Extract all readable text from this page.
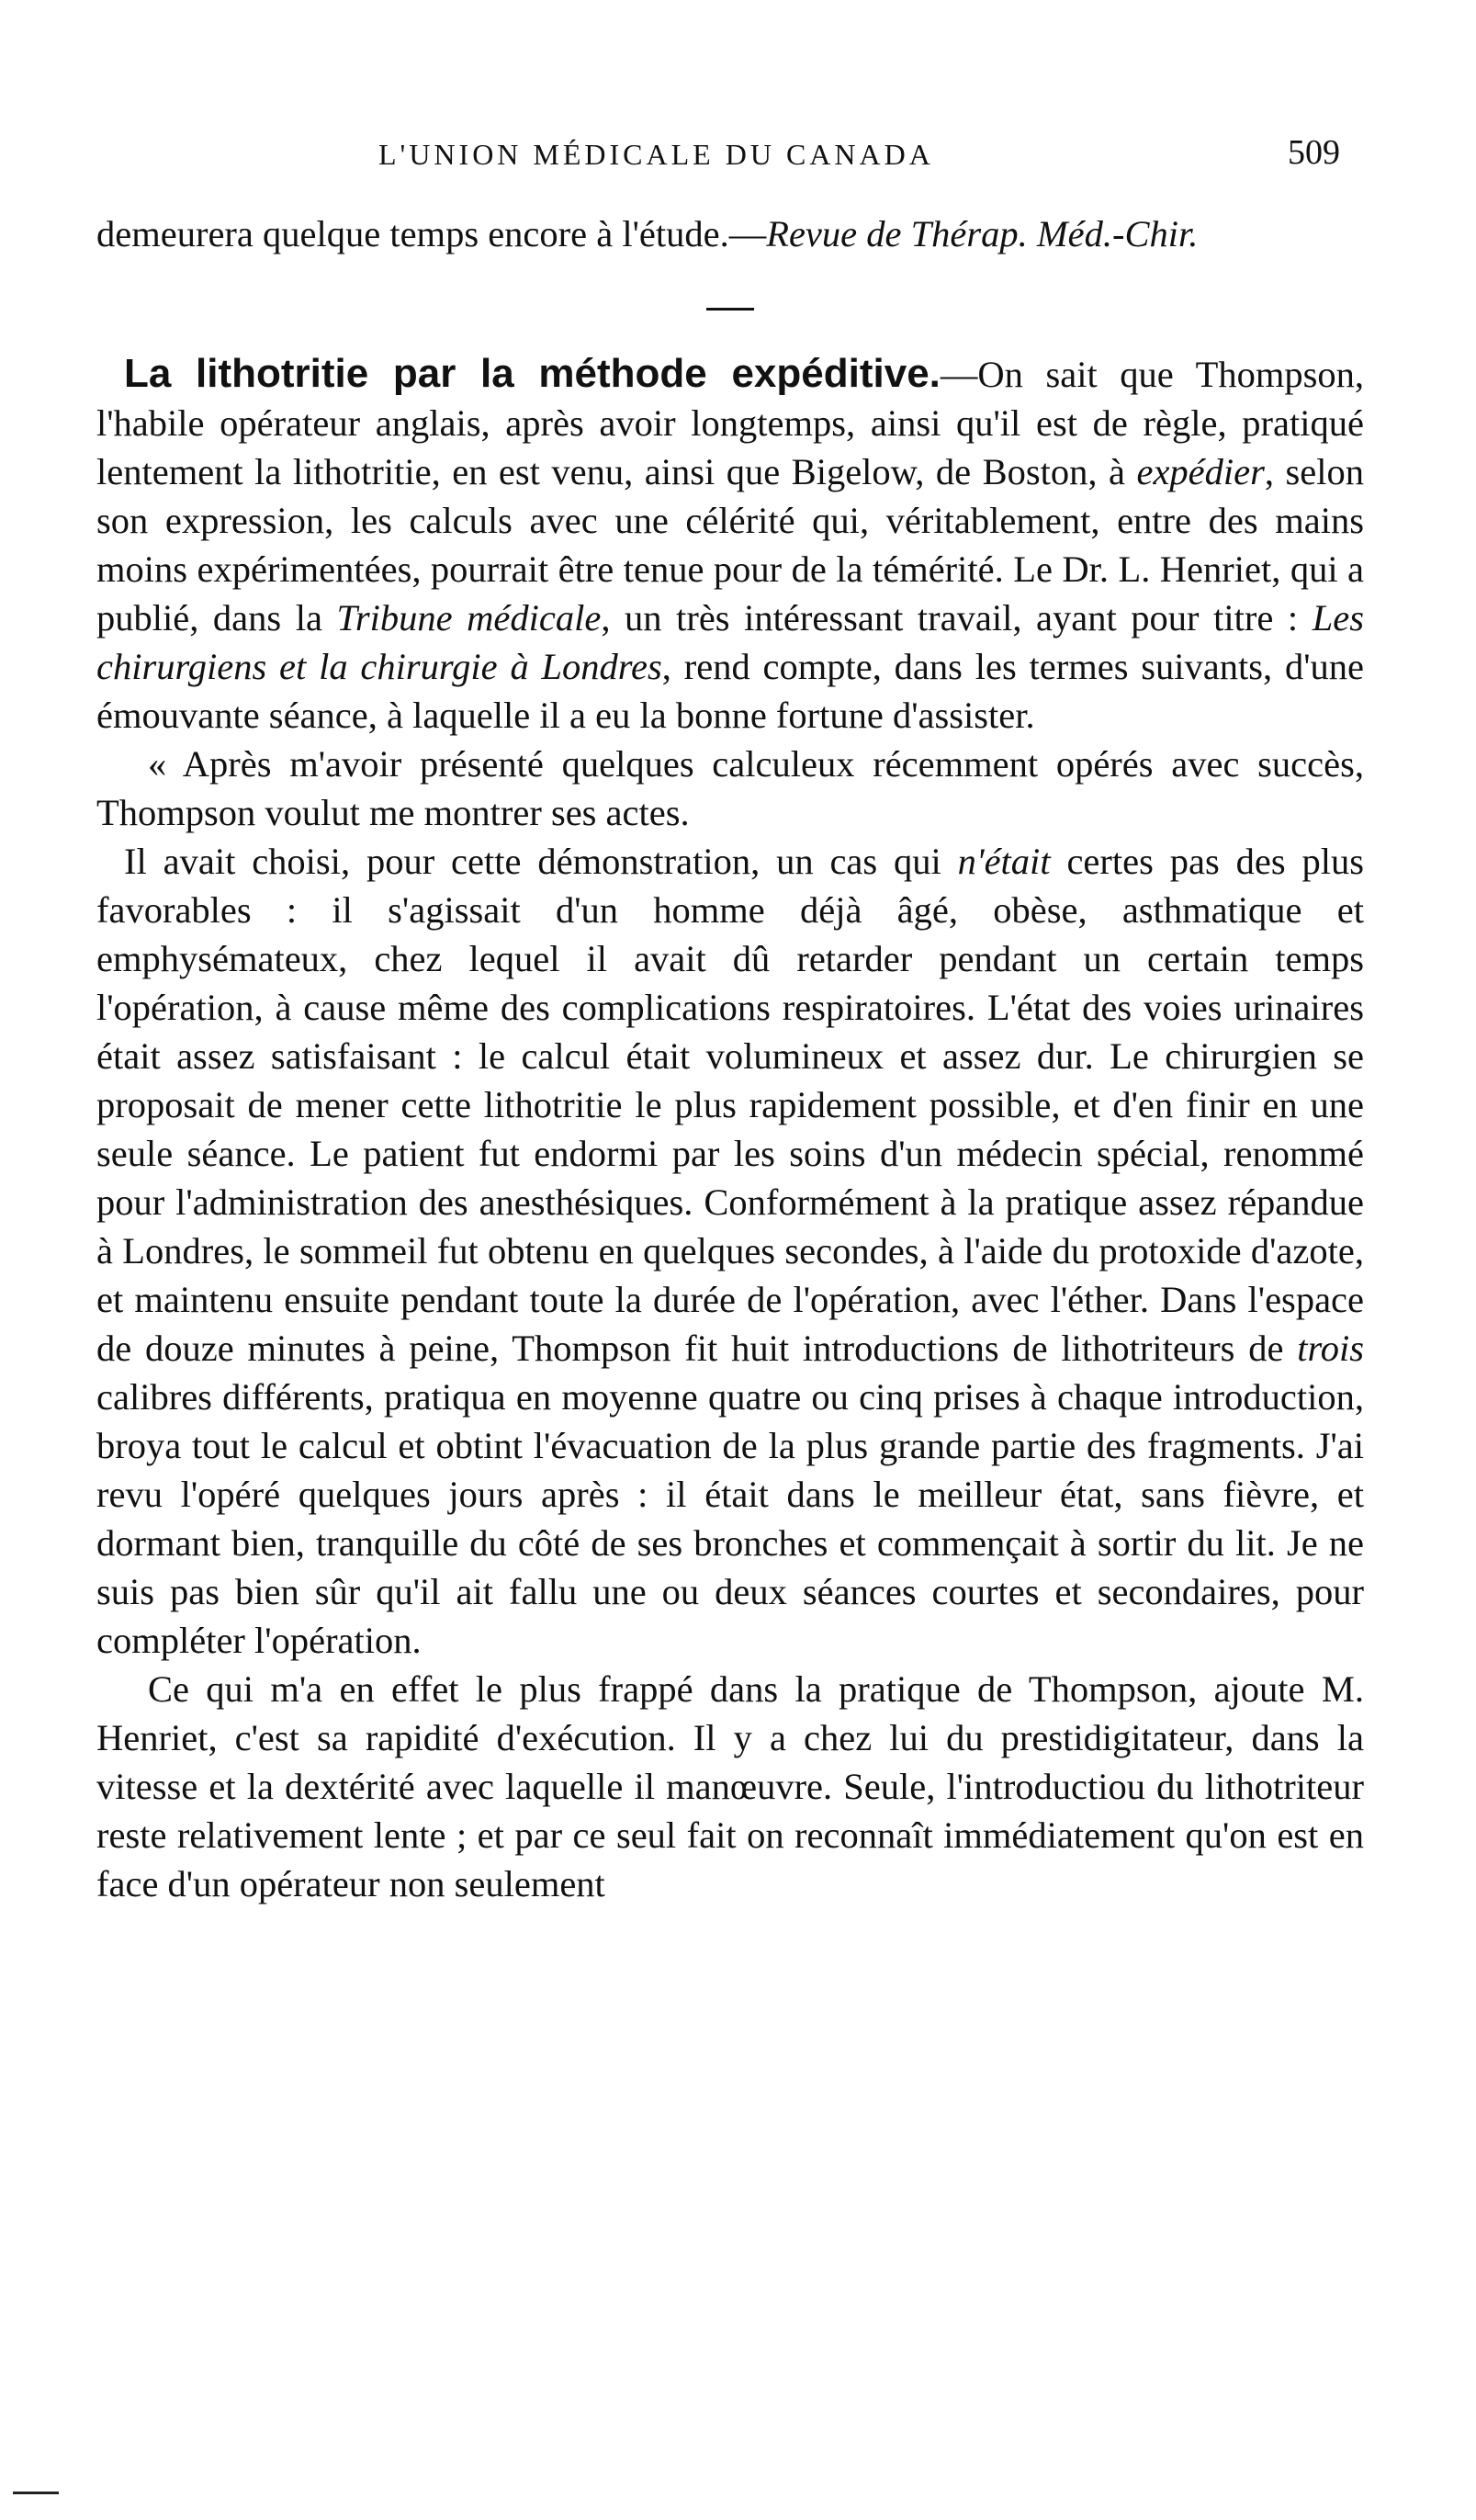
L'UNION MÉDICALE DU CANADA	509

demeurera quelque temps encore à l'étude.—Revue de Thérap. Méd.-Chir.

La lithotritie par la méthode expéditive.—On sait que Thompson, l'habile opérateur anglais, après avoir longtemps, ainsi qu'il est de règle, pratiqué lentement la lithotritie, en est venu, ainsi que Bigelow, de Boston, à expédier, selon son expression, les calculs avec une célérité qui, véritablement, entre des mains moins expérimentées, pourrait être tenue pour de la témérité. Le Dr. L. Henriet, qui a publié, dans la Tribune médicale, un très intéressant travail, ayant pour titre : Les chirurgiens et la chirurgie à Londres, rend compte, dans les termes suivants, d'une émouvante séance, à laquelle il a eu la bonne fortune d'assister.

« Après m'avoir présenté quelques calculeux récemment opérés avec succès, Thompson voulut me montrer ses actes.

Il avait choisi, pour cette démonstration, un cas qui n'était certes pas des plus favorables : il s'agissait d'un homme déjà âgé, obèse, asthmatique et emphysémateux, chez lequel il avait dû retarder pendant un certain temps l'opération, à cause même des complications respiratoires. L'état des voies urinaires était assez satisfaisant : le calcul était volumineux et assez dur. Le chirurgien se proposait de mener cette lithotritie le plus rapidement possible, et d'en finir en une seule séance. Le patient fut endormi par les soins d'un médecin spécial, renommé pour l'administration des anesthésiques. Conformément à la pratique assez répandue à Londres, le sommeil fut obtenu en quelques secondes, à l'aide du protoxide d'azote, et maintenu ensuite pendant toute la durée de l'opération, avec l'éther. Dans l'espace de douze minutes à peine, Thompson fit huit introductions de lithotriteurs de trois calibres différents, pratiqua en moyenne quatre ou cinq prises à chaque introduction, broya tout le calcul et obtint l'évacuation de la plus grande partie des fragments. J'ai revu l'opéré quelques jours après : il était dans le meilleur état, sans fièvre, et dormant bien, tranquille du côté de ses bronches et commençait à sortir du lit. Je ne suis pas bien sûr qu'il ait fallu une ou deux séances courtes et secondaires, pour compléter l'opération.

Ce qui m'a en effet le plus frappé dans la pratique de Thompson, ajoute M. Henriet, c'est sa rapidité d'exécution. Il y a chez lui du prestidigitateur, dans la vitesse et la dextérité avec laquelle il manœuvre. Seule, l'introductiou du lithotriteur reste relativement lente ; et par ce seul fait on reconnaît immédiatement qu'on est en face d'un opérateur non seulement
